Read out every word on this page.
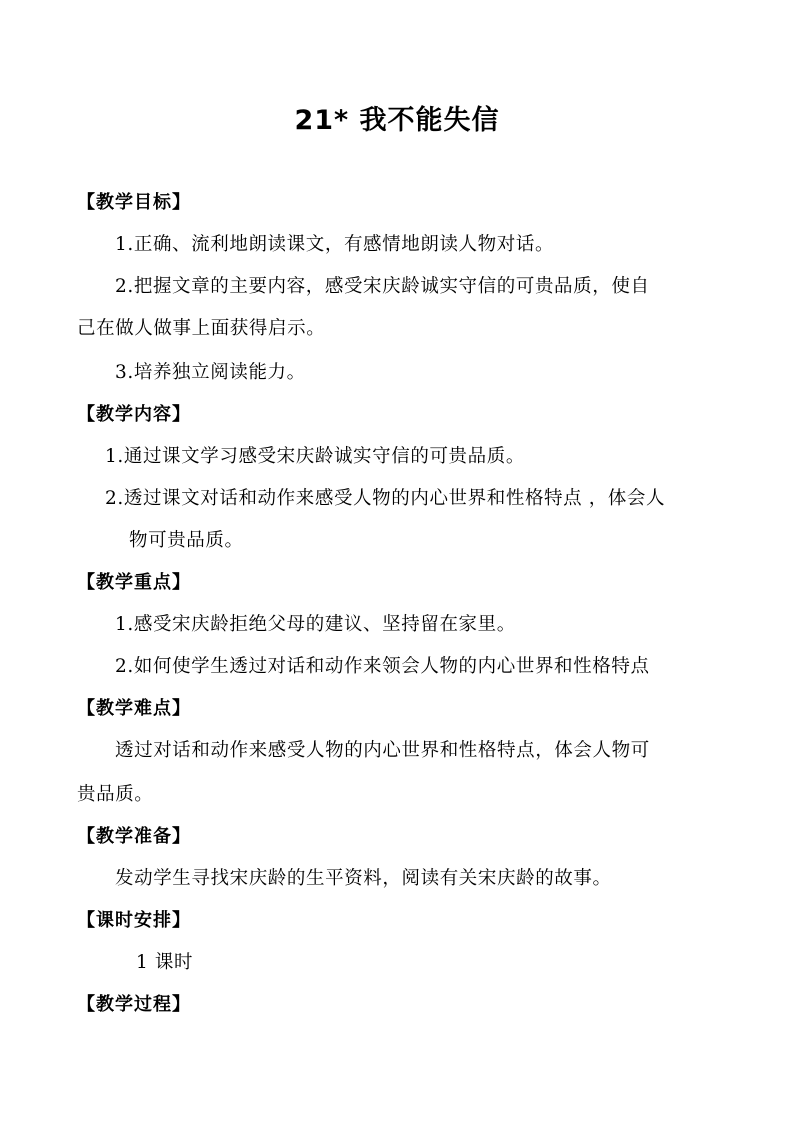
21* 我不能失信
【教学目标】
1.正确、流利地朗读课文，有感情地朗读人物对话。
2.把握文章的主要内容，感受宋庆龄诚实守信的可贵品质，使自
己在做人做事上面获得启示。
3.培养独立阅读能力。
【教学内容】
1.通过课文学习感受宋庆龄诚实守信的可贵品质。
2.透过课文对话和动作来感受人物的内心世界和性格特点 ，体会人
物可贵品质。
【教学重点】
1.感受宋庆龄拒绝父母的建议、坚持留在家里。
2.如何使学生透过对话和动作来领会人物的内心世界和性格特点
【教学难点】
透过对话和动作来感受人物的内心世界和性格特点，体会人物可
贵品质。
【教学准备】
发动学生寻找宋庆龄的生平资料，阅读有关宋庆龄的故事。
【课时安排】
1 课时
【教学过程】
